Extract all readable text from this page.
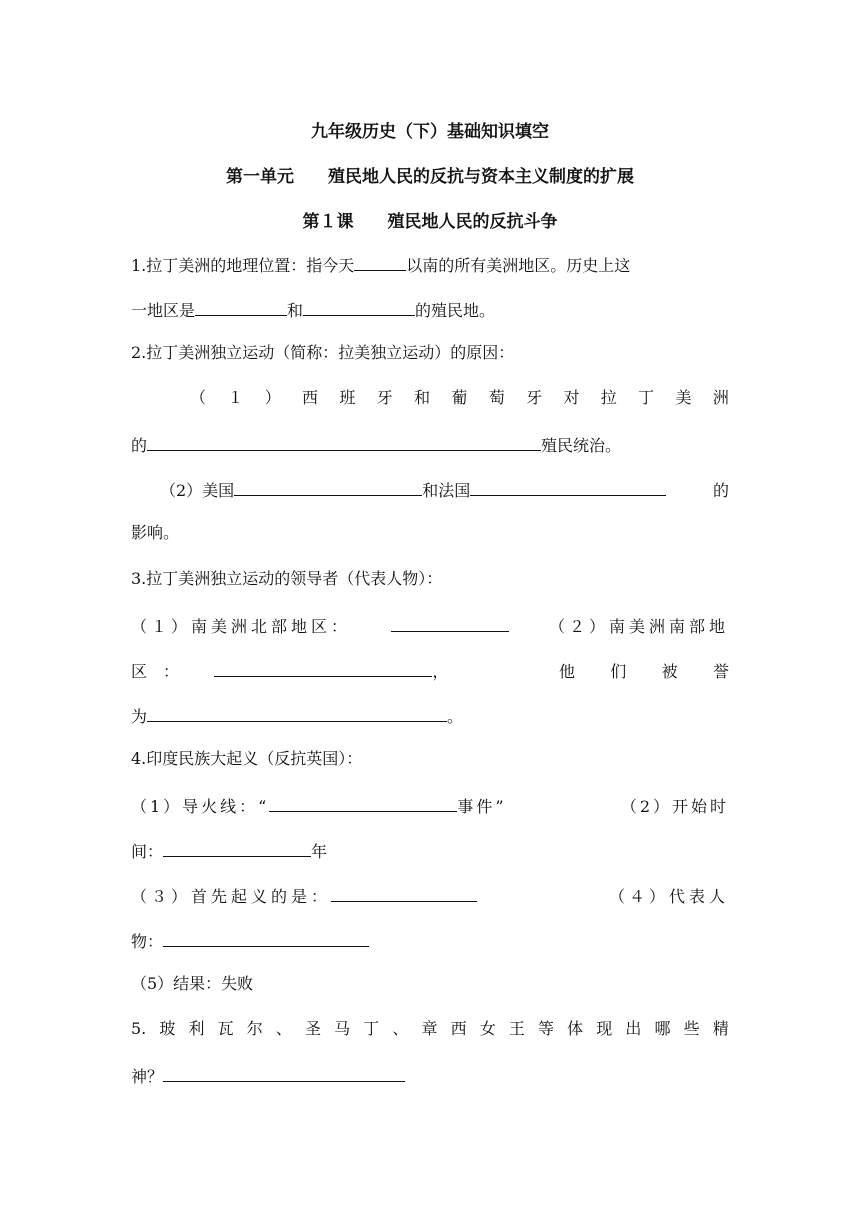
九年级历史（下）基础知识填空
第一单元　　殖民地人民的反抗与资本主义制度的扩展
第１课　　殖民地人民的反抗斗争
1.拉丁美洲的地理位置：指今天	以南的所有美洲地区。历史上这
一地区是	和	的殖民地。
2.拉丁美洲独立运动（简称：拉美独立运动）的原因：
（ １ ） 西 班 牙 和 葡 萄 牙 对 拉 丁 美 洲
的	殖民统治。
（2）美国	和法国	的
影响。
3.拉丁美洲独立运动的领导者（代表人物）：
（１）南美洲北部地区：	（２）南美洲南部地
区　：	，	他 们 被 誉
为	。
4.印度民族大起义（反抗英国）：
（1）导火线：“	事件”	（2）开始时
间：	年
（３）首先起义的是：	（４）代表人
物：
（5）结果：失败
5. 玻 利 瓦 尔 、 圣 马 丁 、 章 西 女 王 等 体 现 出 哪 些 精
神？
